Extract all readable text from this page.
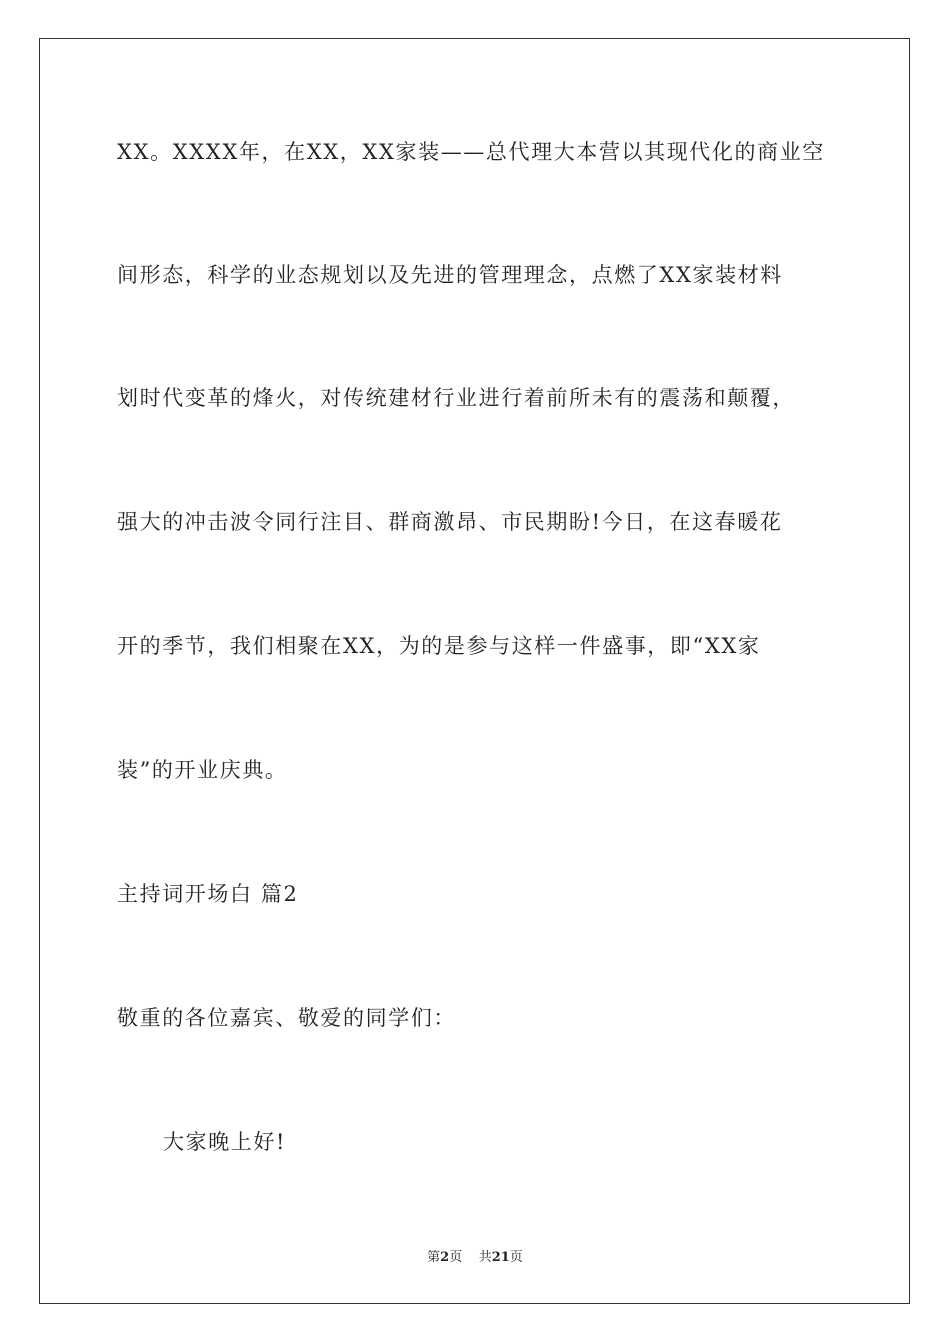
XX。XXXX年，在XX，XX家装——总代理大本营以其现代化的商业空
间形态，科学的业态规划以及先进的管理理念，点燃了XX家装材料
划时代变革的烽火，对传统建材行业进行着前所未有的震荡和颠覆，
强大的冲击波令同行注目、群商激昂、市民期盼!今日，在这春暖花
开的季节，我们相聚在XX，为的是参与这样一件盛事，即“XX家
装”的开业庆典。
主持词开场白 篇2
敬重的各位嘉宾、敬爱的同学们：
大家晚上好!
第2页 共21页
